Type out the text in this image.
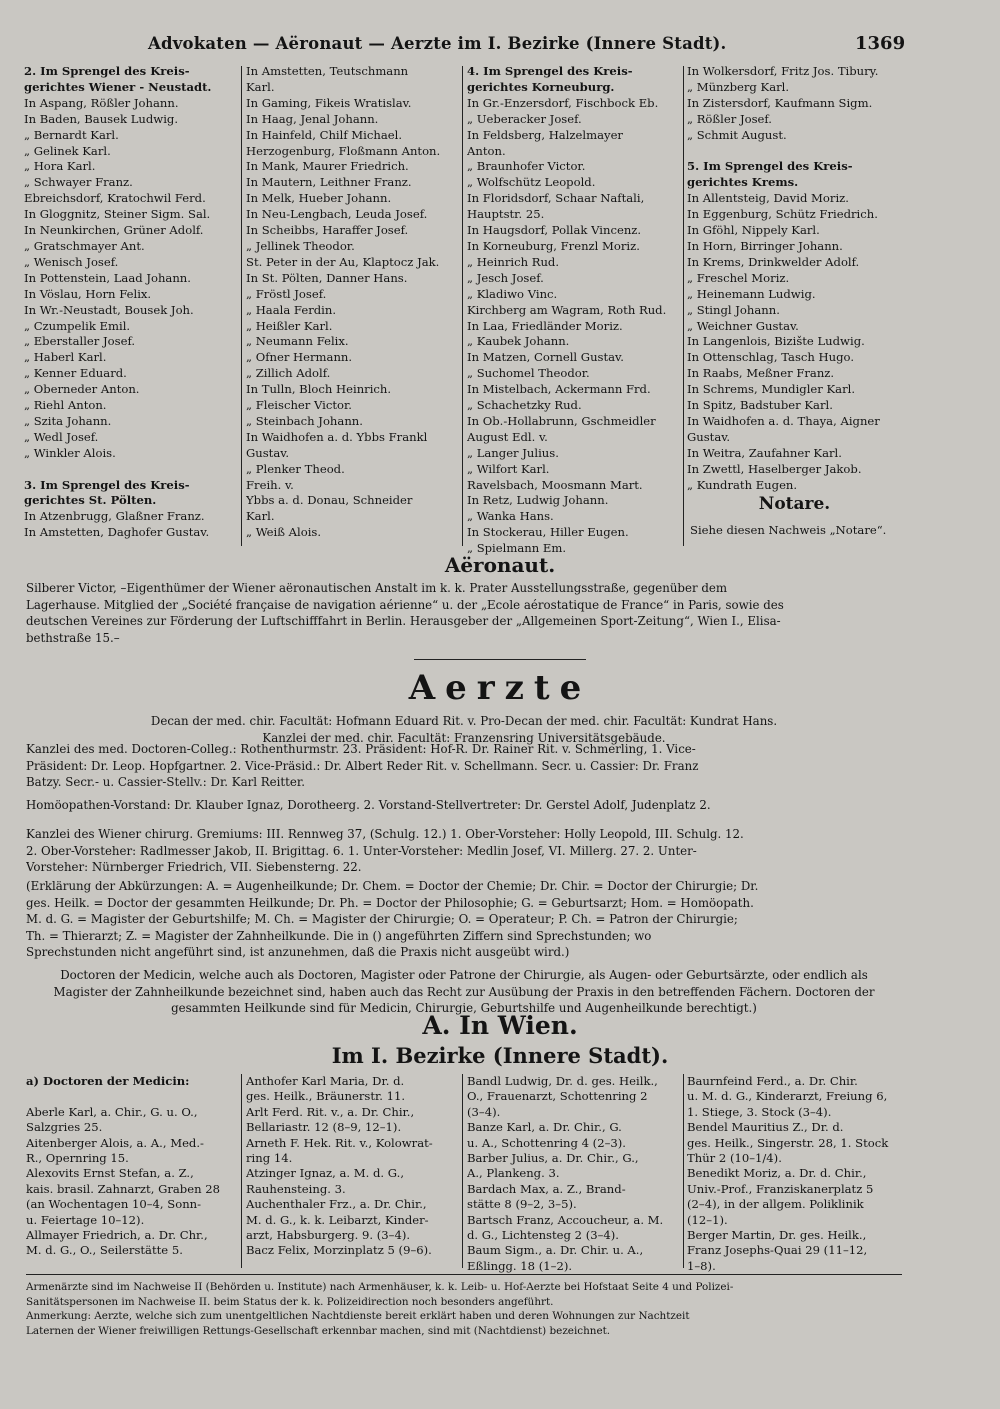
Advokaten — Aëronaut — Aerzte im I. Bezirke (Innere Stadt).	1369
2. Im Sprengel des Kreis-
gerichtes Wiener - Neustadt.
In Aspang, Rößler Johann.
In Baden, Bausek Ludwig.
„ Bernardt Karl.
„ Gelinek Karl.
„ Hora Karl.
„ Schwayer Franz.
Ebreichsdorf, Kratochwil Ferd.
In Gloggnitz, Steiner Sigm. Sal.
In Neunkirchen, Grüner Adolf.
„ Gratschmayer Ant.
„ Wenisch Josef.
In Pottenstein, Laad Johann.
In Vöslau, Horn Felix.
In Wr.-Neustadt, Bousek Joh.
„ Czumpelik Emil.
„ Eberstaller Josef.
„ Haberl Karl.
„ Kenner Eduard.
„ Oberneder Anton.
„ Riehl Anton.
„ Szita Johann.
„ Wedl Josef.
„ Winkler Alois.

3. Im Sprengel des Kreis-
gerichtes St. Pölten.
In Atzenbrugg, Glaßner Franz.
In Amstetten, Daghofer Gustav.
In Amstetten, Teutschmann
Karl.
In Gaming, Fikeis Wratislav.
In Haag, Jenal Johann.
In Hainfeld, Chilf Michael.
Herzogenburg, Floßmann Anton.
In Mank, Maurer Friedrich.
In Mautern, Leithner Franz.
In Melk, Hueber Johann.
In Neu-Lengbach, Leuda Josef.
In Scheibbs, Haraffer Josef.
„ Jellinek Theodor.
St. Peter in der Au, Klaptocz Jak.
In St. Pölten, Danner Hans.
„ Fröstl Josef.
„ Haala Ferdin.
„ Heißler Karl.
„ Neumann Felix.
„ Ofner Hermann.
„ Zillich Adolf.
In Tulln, Bloch Heinrich.
„ Fleischer Victor.
„ Steinbach Johann.
In Waidhofen a. d. Ybbs Frankl
Gustav.
„ Plenker Theod.
Freih. v.
Ybbs a. d. Donau, Schneider
Karl.
„ Weiß Alois.
4. Im Sprengel des Kreis-
gerichtes Korneuburg.
In Gr.-Enzersdorf, Fischbock Eb.
„ Ueberacker Josef.
In Feldsberg, Halzelmayer
Anton.
„ Braunhofer Victor.
„ Wolfschütz Leopold.
In Floridsdorf, Schaar Naftali,
Hauptstr. 25.
In Haugsdorf, Pollak Vincenz.
In Korneuburg, Frenzl Moriz.
„ Heinrich Rud.
„ Jesch Josef.
„ Kladiwo Vinc.
Kirchberg am Wagram, Roth Rud.
In Laa, Friedländer Moriz.
„ Kaubek Johann.
In Matzen, Cornell Gustav.
„ Suchomel Theodor.
In Mistelbach, Ackermann Frd.
„ Schachetzky Rud.
In Ob.-Hollabrunn, Gschmeidler
August Edl. v.
„ Langer Julius.
„ Wilfort Karl.
Ravelsbach, Moosmann Mart.
In Retz, Ludwig Johann.
„ Wanka Hans.
In Stockerau, Hiller Eugen.
„ Spielmann Em.
In Wolkersdorf, Fritz Jos. Tibury.
„ Münzberg Karl.
In Zistersdorf, Kaufmann Sigm.
„ Rößler Josef.
„ Schmit August.

5. Im Sprengel des Kreis-
gerichtes Krems.
In Allentsteig, David Moriz.
In Eggenburg, Schütz Friedrich.
In Gföhl, Nippely Karl.
In Horn, Birringer Johann.
In Krems, Drinkwelder Adolf.
„ Freschel Moriz.
„ Heinemann Ludwig.
„ Stingl Johann.
„ Weichner Gustav.
In Langenlois, Bizište Ludwig.
In Ottenschlag, Tasch Hugo.
In Raabs, Meßner Franz.
In Schrems, Mundigler Karl.
In Spitz, Badstuber Karl.
In Waidhofen a. d. Thaya, Aigner
Gustav.
In Weitra, Zaufahner Karl.
In Zwettl, Haselberger Jakob.
„ Kundrath Eugen.
Notare.
Siehe diesen Nachweis „Notare“.
Aëronaut.
Silberer Victor, –Eigenthümer der Wiener aëronautischen Anstalt im k. k. Prater Ausstellungsstraße, gegenüber dem
Lagerhause. Mitglied der „Société française de navigation aérienne“ u. der „Ecole aérostatique de France“ in Paris, sowie des
deutschen Vereines zur Förderung der Luftschifffahrt in Berlin. Herausgeber der „Allgemeinen Sport-Zeitung“, Wien I., Elisa-
bethstraße 15.–
Aerzte
Decan der med. chir. Facultät: Hofmann Eduard Rit. v. Pro-Decan der med. chir. Facultät: Kundrat Hans.
Kanzlei der med. chir. Facultät: Franzensring Universitätsgebäude.
Kanzlei des med. Doctoren-Colleg.: Rothenthurmstr. 23. Präsident: Hof-R. Dr. Rainer Rit. v. Schmerling, 1. Vice-
Präsident: Dr. Leop. Hopfgartner. 2. Vice-Präsid.: Dr. Albert Reder Rit. v. Schellmann. Secr. u. Cassier: Dr. Franz
Batzy. Secr.- u. Cassier-Stellv.: Dr. Karl Reitter.
Homöopathen-Vorstand: Dr. Klauber Ignaz, Dorotheerg. 2. Vorstand-Stellvertreter: Dr. Gerstel Adolf, Judenplatz 2.
Kanzlei des Wiener chirurg. Gremiums: III. Rennweg 37, (Schulg. 12.) 1. Ober-Vorsteher: Holly Leopold, III. Schulg. 12.
2. Ober-Vorsteher: Radlmesser Jakob, II. Brigittag. 6. 1. Unter-Vorsteher: Medlin Josef, VI. Millerg. 27. 2. Unter-
Vorsteher: Nürnberger Friedrich, VII. Siebensterng. 22.
(Erklärung der Abkürzungen: A. = Augenheilkunde; Dr. Chem. = Doctor der Chemie; Dr. Chir. = Doctor der Chirurgie; Dr.
ges. Heilk. = Doctor der gesammten Heilkunde; Dr. Ph. = Doctor der Philosophie; G. = Geburtsarzt; Hom. = Homöopath.
M. d. G. = Magister der Geburtshilfe; M. Ch. = Magister der Chirurgie; O. = Operateur; P. Ch. = Patron der Chirurgie;
Th. = Thierarzt; Z. = Magister der Zahnheilkunde. Die in () angeführten Ziffern sind Sprechstunden; wo
Sprechstunden nicht angeführt sind, ist anzunehmen, daß die Praxis nicht ausgeübt wird.)
Doctoren der Medicin, welche auch als Doctoren, Magister oder Patrone der Chirurgie, als Augen- oder Geburtsärzte, oder endlich als
Magister der Zahnheilkunde bezeichnet sind, haben auch das Recht zur Ausübung der Praxis in den betreffenden Fächern. Doctoren der
gesammten Heilkunde sind für Medicin, Chirurgie, Geburtshilfe und Augenheilkunde berechtigt.)
A. In Wien.
Im I. Bezirke (Innere Stadt).
a) Doctoren der Medicin:

Aberle Karl, a. Chir., G. u. O.,
Salzgries 25.
Aitenberger Alois, a. A., Med.-
R., Opernring 15.
Alexovits Ernst Stefan, a. Z.,
kais. brasil. Zahnarzt, Graben 28
(an Wochentagen 10–4, Sonn-
u. Feiertage 10–12).
Allmayer Friedrich, a. Dr. Chr.,
M. d. G., O., Seilerstätte 5.
Anthofer Karl Maria, Dr. d.
ges. Heilk., Bräunerstr. 11.
Arlt Ferd. Rit. v., a. Dr. Chir.,
Bellariastr. 12 (8–9, 12–1).
Arneth F. Hek. Rit. v., Kolowrat-
ring 14.
Atzinger Ignaz, a. M. d. G.,
Rauhensteing. 3.
Auchenthaler Frz., a. Dr. Chir.,
M. d. G., k. k. Leibarzt, Kinder-
arzt, Habsburgerg. 9. (3–4).
Bacz Felix, Morzinplatz 5 (9–6).
Bandl Ludwig, Dr. d. ges. Heilk.,
O., Frauenarzt, Schottenring 2
(3–4).
Banze Karl, a. Dr. Chir., G.
u. A., Schottenring 4 (2–3).
Barber Julius, a. Dr. Chir., G.,
A., Plankeng. 3.
Bardach Max, a. Z., Brand-
stätte 8 (9–2, 3–5).
Bartsch Franz, Accoucheur, a. M.
d. G., Lichtensteg 2 (3–4).
Baum Sigm., a. Dr. Chir. u. A.,
Eßlingg. 18 (1–2).
Baurnfeind Ferd., a. Dr. Chir.
u. M. d. G., Kinderarzt, Freiung 6,
1. Stiege, 3. Stock (3–4).
Bendel Mauritius Z., Dr. d.
ges. Heilk., Singerstr. 28, 1. Stock
Thür 2 (10–1/4).
Benedikt Moriz, a. Dr. d. Chir.,
Univ.-Prof., Franziskanerplatz 5
(2–4), in der allgem. Poliklinik
(12–1).
Berger Martin, Dr. ges. Heilk.,
Franz Josephs-Quai 29 (11–12,
1–8).
Armenärzte sind im Nachweise II (Behörden u. Institute) nach Armenhäuser, k. k. Leib- u. Hof-Aerzte bei Hofstaat Seite 4 und Polizei-
Sanitätspersonen im Nachweise II. beim Status der k. k. Polizeidirection noch besonders angeführt.
Anmerkung: Aerzte, welche sich zum unentgeltlichen Nachtdienste bereit erklärt haben und deren Wohnungen zur Nachtzeit
Laternen der Wiener freiwilligen Rettungs-Gesellschaft erkennbar machen, sind mit (Nachtdienst) bezeichnet.
